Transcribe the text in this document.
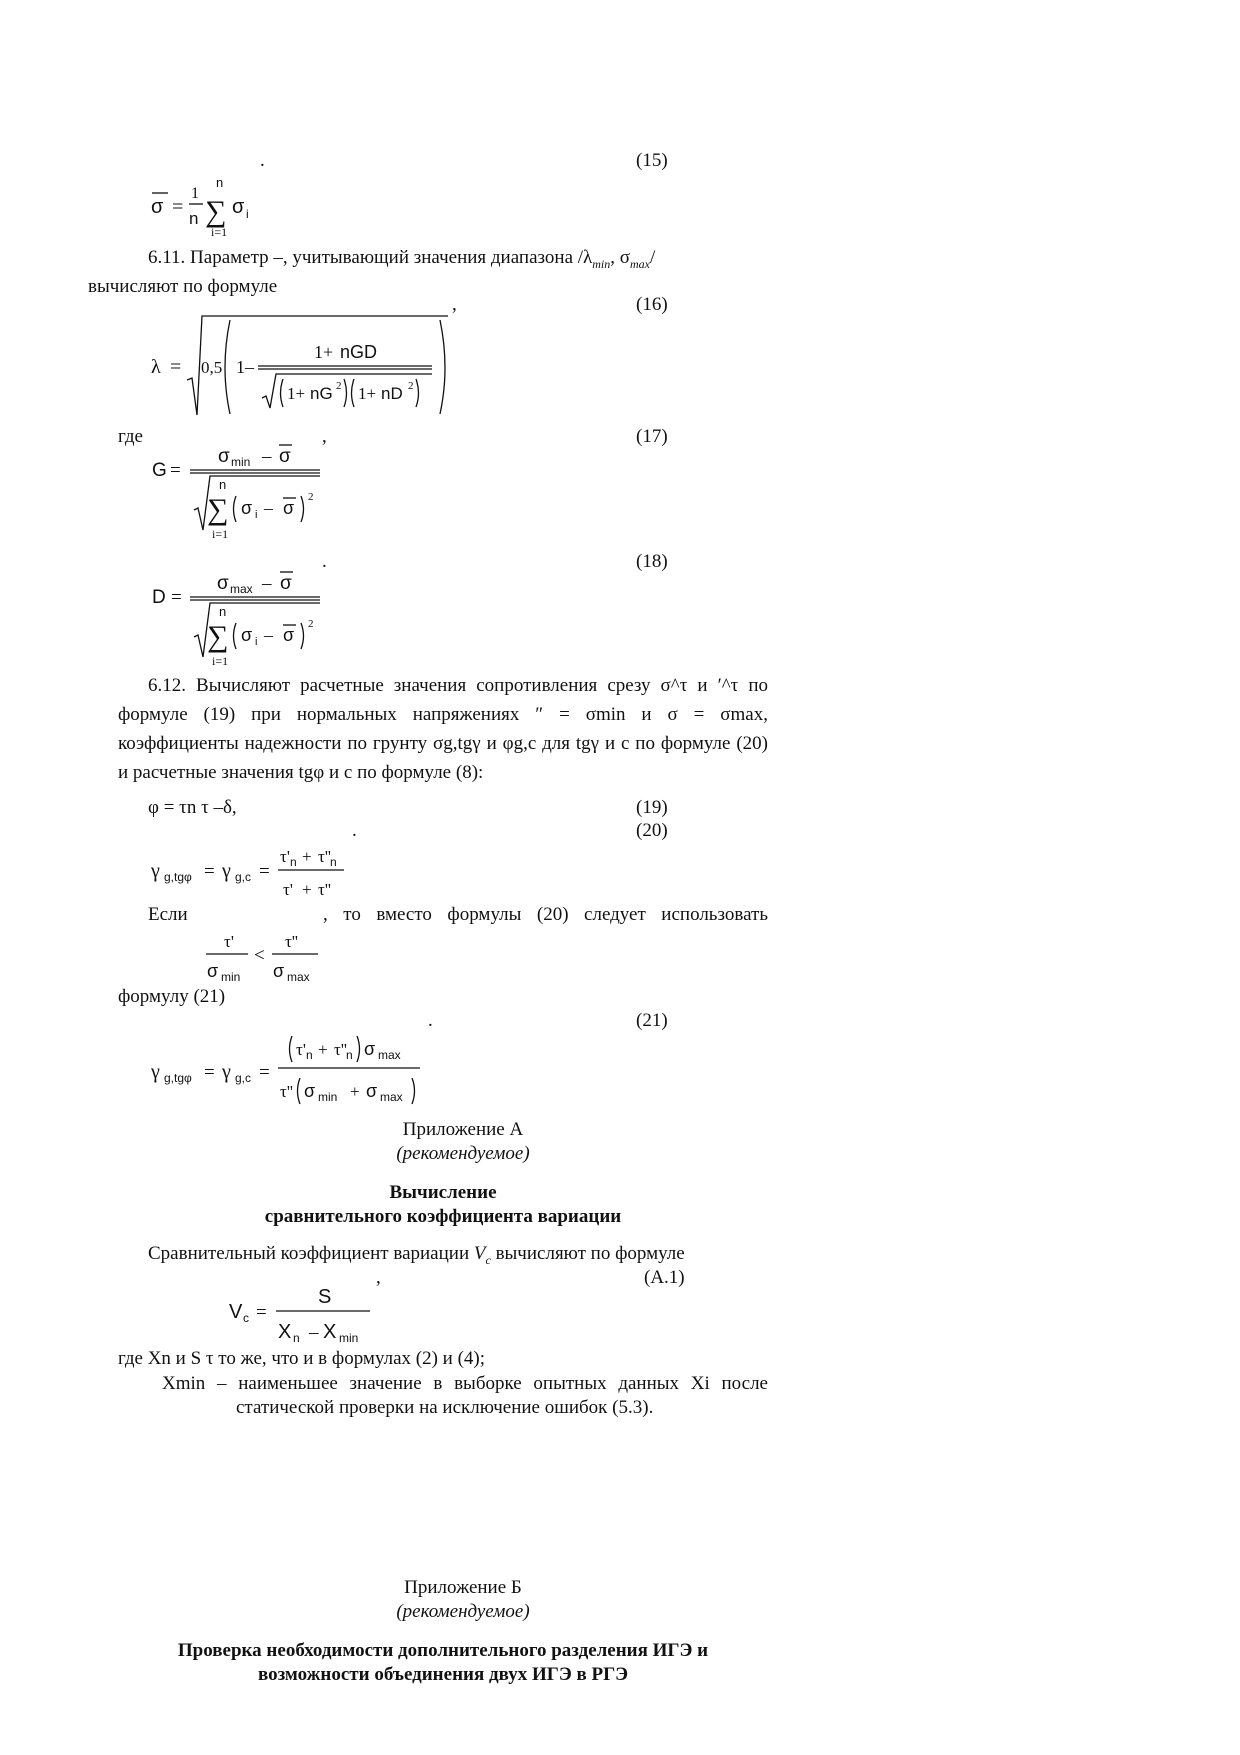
.	(15)
σ =
1
n ∑
n
i=1
σ i
6.11. Параметр –, учитывающий значения диапазона $/\lambda_{min}$, $\sigma_{max}/$
вычисляют по формуле
,	(16)
λ = 0,5 1–
1+ nGD
1+ nG 2 1+ nD 2
где	,	(17)
G =
σ min – σ
n
∑
i=1
σ i – σ
2
.	(18)
D =
σ max – σ
n
∑
i=1
σ i – σ
2
6.12. Вычисляют расчетные значения сопротивления срезу σ^τ и ′^τ по формуле (19) при нормальных напряжениях ″ = σmin и σ = σmax, коэффициенты надежности по грунту σg,tgγ и φg,c для tgγ и c по формуле (20) и расчетные значения tgφ и c по формуле (8):
φ = τn τ –δ,	(19)
.	(20)
γ g,tgφ = γ g,c =
τ' n + τ'' n
τ' + τ''
Если	, то вместо формулы (20) следует использовать
τ'
σ min
<
τ''
σ max
формулу (21)
.	(21)
γ g,tgφ = γ g,c =
τ' n + τ'' n σ max
τ'' σ min + σ max
Приложение А
(рекомендуемое)
Вычисление
сравнительного коэффициента вариации
Сравнительный коэффициент вариации $V_c$ вычисляют по формуле
,	(А.1)
V c =
S
X n – X min
где Xn и S τ то же, что и в формулах (2) и (4);
Xmin – наименьшее значение в выборке опытных данных Xi после
статической проверки на исключение ошибок (5.3).
Приложение Б
(рекомендуемое)
Проверка необходимости дополнительного разделения ИГЭ и
возможности объединения двух ИГЭ в РГЭ
